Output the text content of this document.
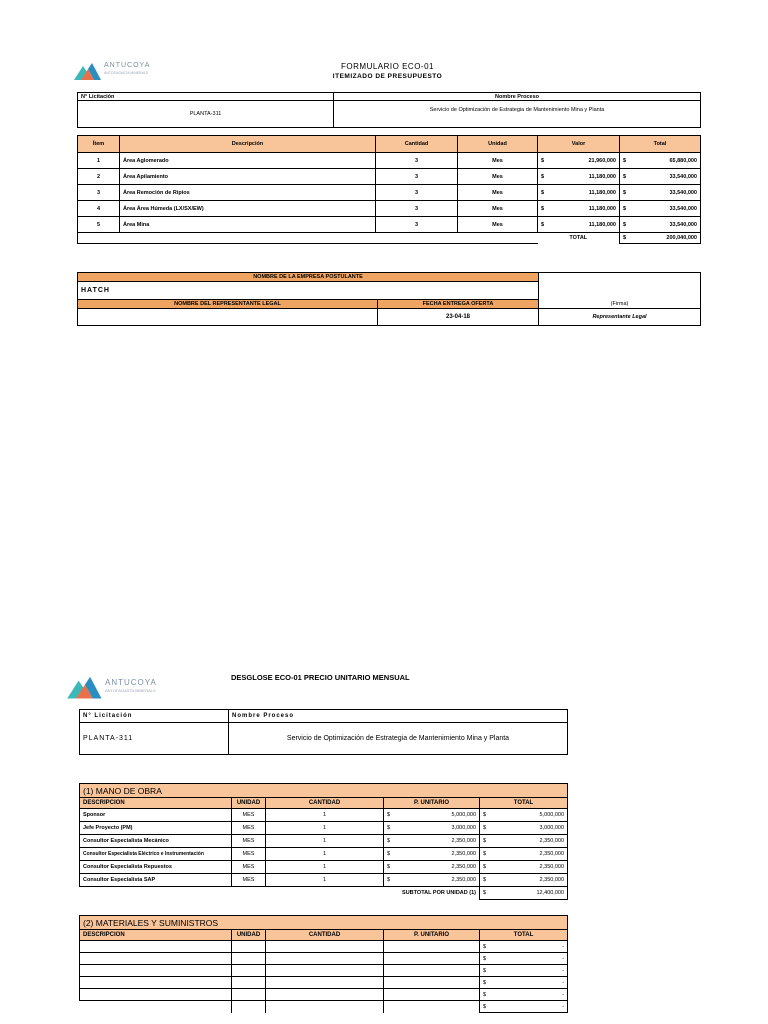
ANTUCOYA
ANTOFAGASTA MINERALS
FORMULARIO ECO-01
ITEMIZADO DE PRESUPUESTO
N° Licitación	Nombre Proceso
PLANTA-311	Servicio de Optimización de Estrategia de Mantenimiento Mina y Planta
Ítem	Descripción	Cantidad	Unidad	Valor	Total
1	Área Aglomerado	3	Mes	$ 21,960,000	$ 65,880,000

2	Área Apilamiento	3	Mes	$ 11,180,000	$ 33,540,000

3	Área Remoción de Ripios	3	Mes	$ 11,180,000	$ 33,540,000

4	Área Área Húmeda (LX/SX/EW)	3	Mes	$ 11,180,000	$ 33,540,000

5	Área Mina	3	Mes	$ 11,180,000	$ 33,540,000

				TOTAL	$ 200,040,000
NOMBRE DE LA EMPRESA POSTULANTE		
HATCH		
NOMBRE DEL REPRESENTANTE LEGAL	FECHA ENTREGA OFERTA	(Firma)
	23-04-18	Representante Legal
ANTUCOYA
ANTOFAGASTA MINERALS
DESGLOSE ECO-01 PRECIO UNITARIO MENSUAL
N° Licitación	Nombre Proceso
PLANTA-311	Servicio de Optimización de Estrategia de Mantenimiento Mina y Planta
(1) MANO DE OBRA				
DESCRIPCION	UNIDAD	CANTIDAD	P. UNITARIO	TOTAL
Sponsor	MES	1	$ 5,000,000	$ 5,000,000

Jefe Proyecto (PM)	MES	1	$ 3,000,000	$ 3,000,000

Consultor Especialista Mecánico	MES	1	$ 2,350,000	$ 2,350,000

Consultor Especialista Eléctrico e Instrumentación	MES	1	$ 2,350,000	$ 2,350,000

Consultor Especialista Repuestos	MES	1	$ 2,350,000	$ 2,350,000

Consultor Especialista SAP	MES	1	$ 2,350,000	$ 2,350,000

			SUBTOTAL POR UNIDAD (1)	$ 12,400,000
(2) MATERIALES Y SUMINISTROS				
DESCRIPCION	UNIDAD	CANTIDAD	P. UNITARIO	TOTAL

				$ -

				$ -

				$ -

				$ -

				$ -

				$ -
